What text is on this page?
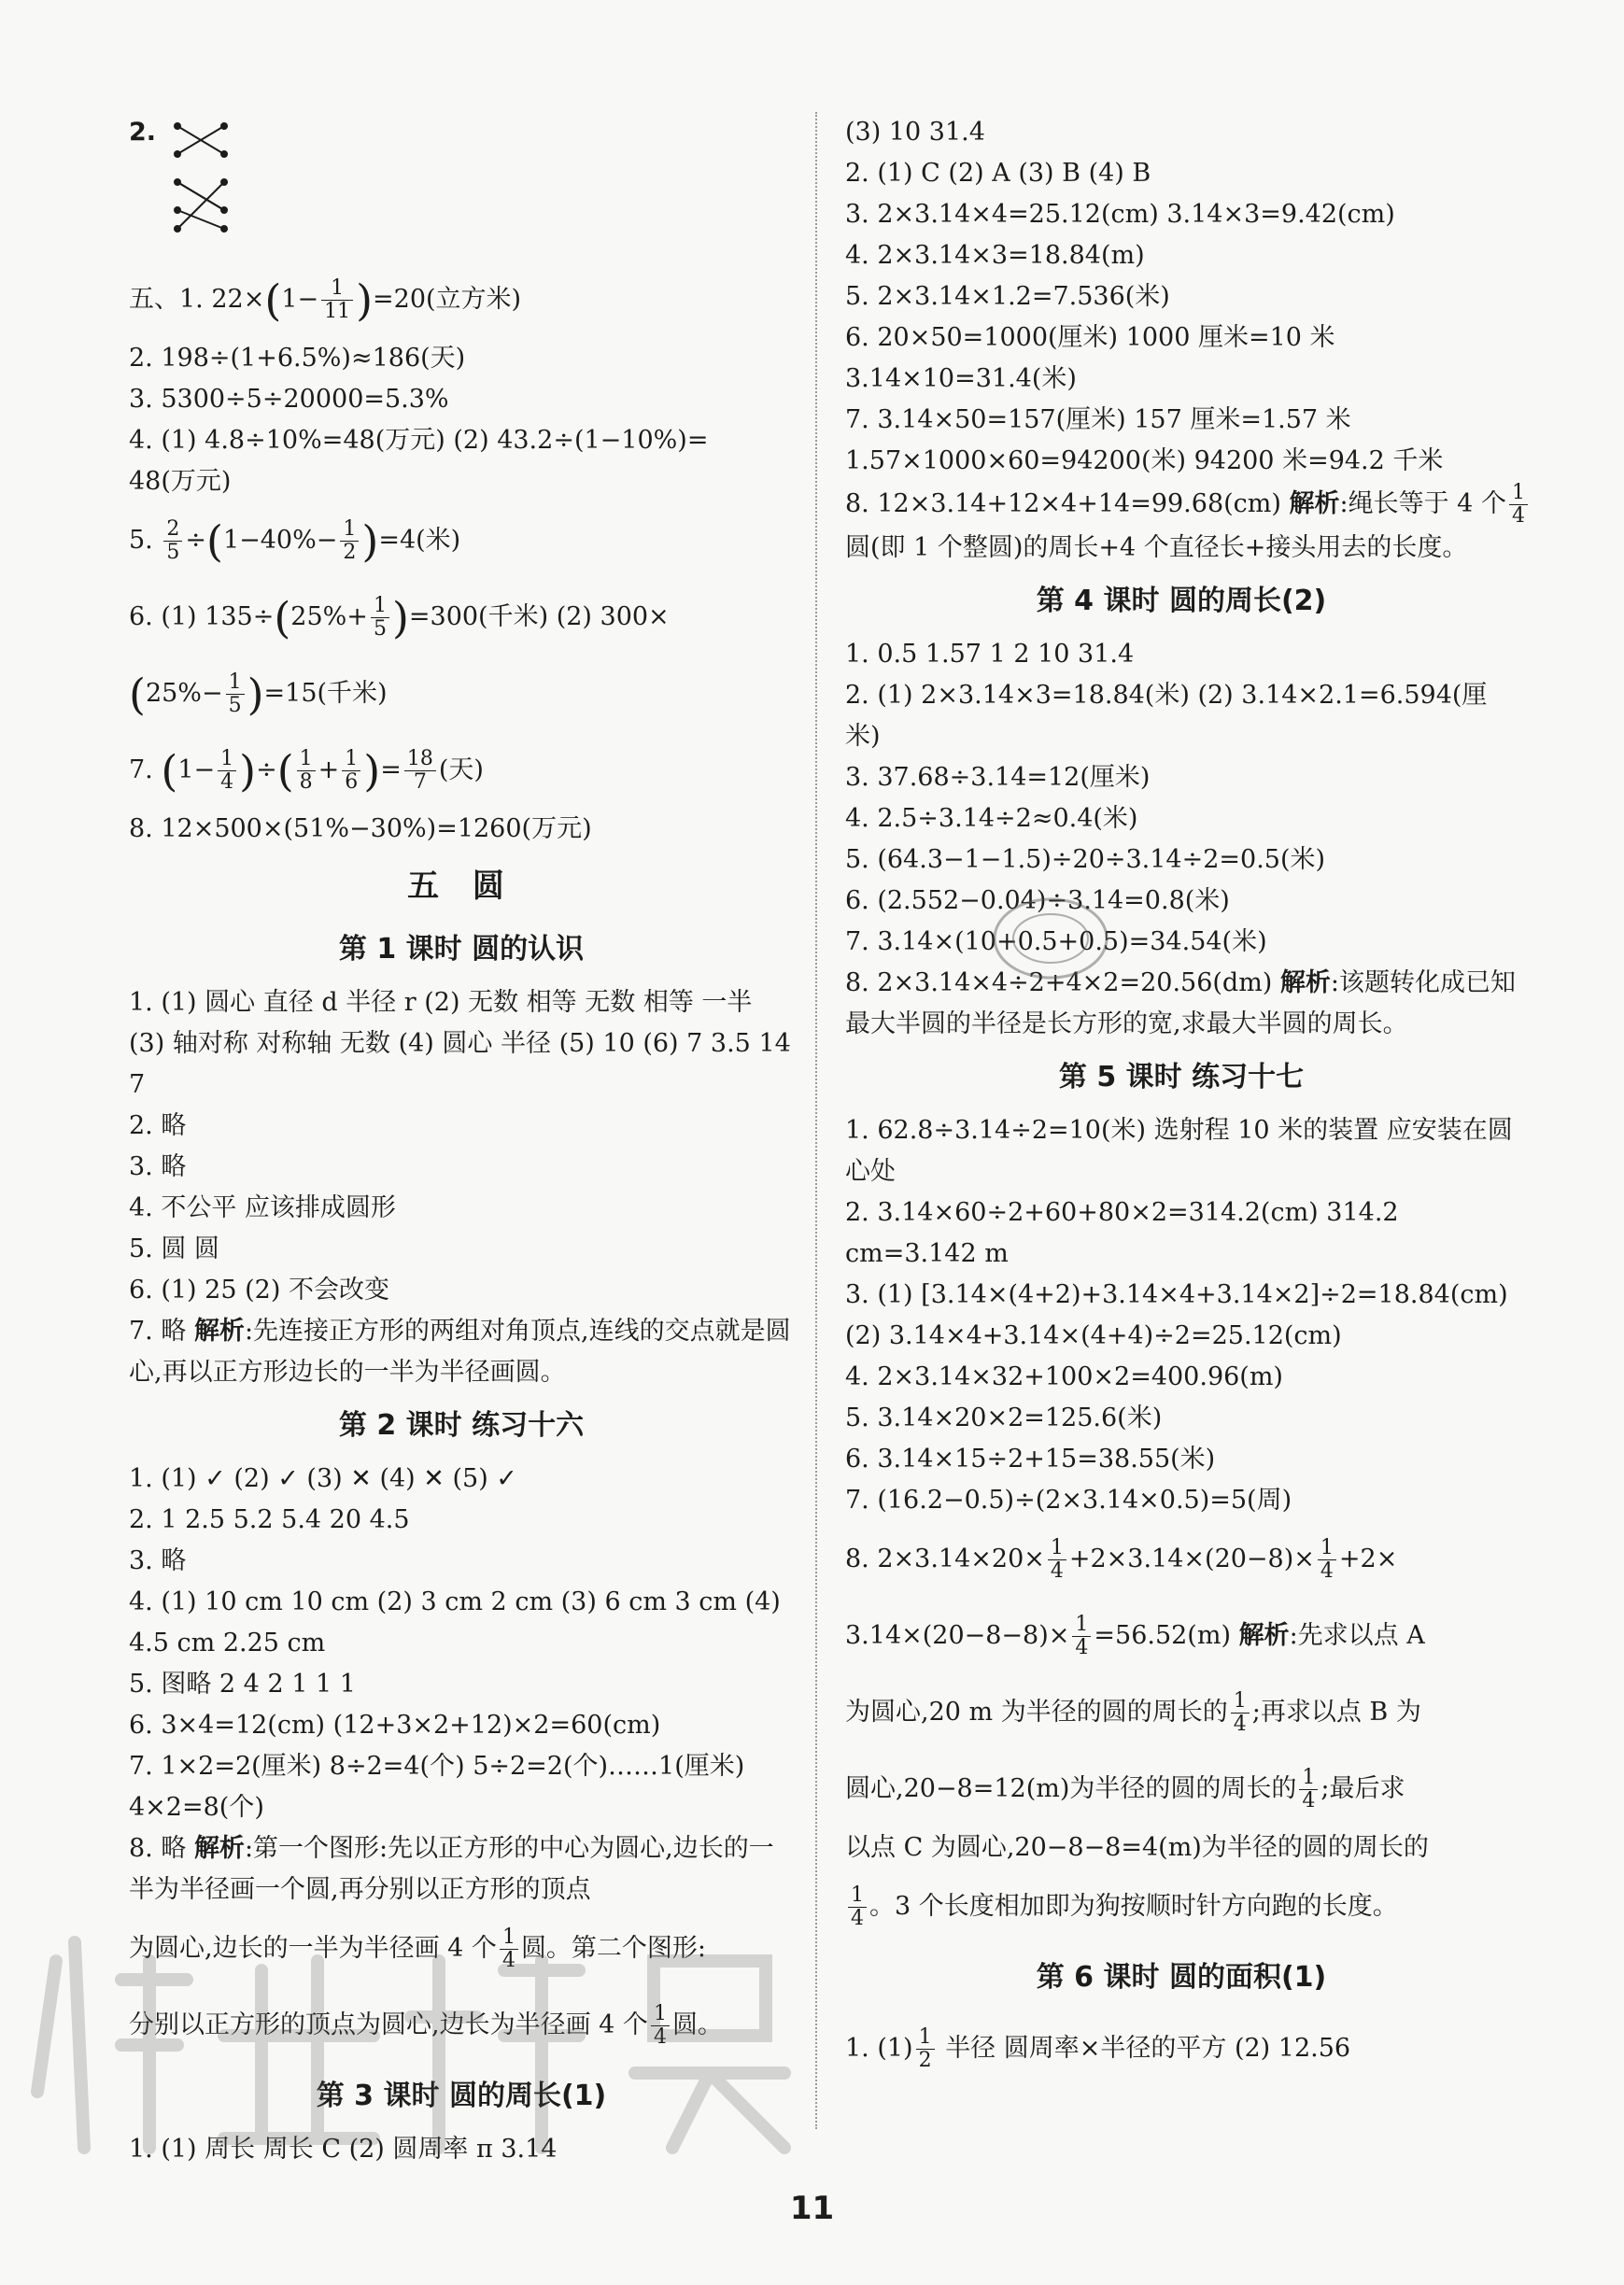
2.
五、1. $22\times(1- \frac{1}{11} )=20$(立方米)
2. 198÷(1+6.5%)≈186(天)
3. 5300÷5÷20000=5.3%
4. (1) 4.8÷10%=48(万元) (2) 43.2÷(1−10%)=
48(万元)
5. $\frac{2}{5} \div(1-40\%- \frac{1}{2} )=4$(米)
6. (1) $135\div(25\%+ \frac{1}{5} )=300$(千米) (2) 300×
$(25\%- \frac{1}{5} )=15$(千米)
7. ($1- \frac{1}{4}$ )÷( $\frac{1}{8} + \frac{1}{6}$ )= $\frac{18}{7}$ (天)
8. 12×500×(51%−30%)=1260(万元)
五 圆
第 1 课时 圆的认识
1. (1) 圆心 直径 d 半径 r (2) 无数 相等 无数 相等 一半 (3) 轴对称 对称轴 无数 (4) 圆心 半径 (5) 10 (6) 7 3.5 14 7
2. 略
3. 略
4. 不公平 应该排成圆形
5. 圆 圆
6. (1) 25 (2) 不会改变
7. 略 解析:先连接正方形的两组对角顶点,连线的交点就是圆心,再以正方形边长的一半为半径画圆。
第 2 课时 练习十六
1. (1) ✓ (2) ✓ (3) ✕ (4) ✕ (5) ✓
2. 1 2.5 5.2 5.4 20 4.5
3. 略
4. (1) 10 cm 10 cm (2) 3 cm 2 cm (3) 6 cm 3 cm (4) 4.5 cm 2.25 cm
5. 图略 2 4 2 1 1 1
6. 3×4=12(cm) (12+3×2+12)×2=60(cm)
7. 1×2=2(厘米) 8÷2=4(个) 5÷2=2(个)……1(厘米) 4×2=8(个)
8. 略 解析:第一个图形:先以正方形的中心为圆心,边长的一半为半径画一个圆,再分别以正方形的顶点
为圆心,边长的一半为半径画 4 个 $\frac{1}{4}$ 圆。第二个图形:
分别以正方形的顶点为圆心,边长为半径画 4 个 $\frac{1}{4}$ 圆。
第 3 课时 圆的周长(1)
1. (1) 周长 周长 C (2) 圆周率 π 3.14
(3) 10 31.4
2. (1) C (2) A (3) B (4) B
3. 2×3.14×4=25.12(cm) 3.14×3=9.42(cm)
4. 2×3.14×3=18.84(m)
5. 2×3.14×1.2=7.536(米)
6. 20×50=1000(厘米) 1000 厘米=10 米 3.14×10=31.4(米)
7. 3.14×50=157(厘米) 157 厘米=1.57 米 1.57×1000×60=94200(米) 94200 米=94.2 千米
8. 12×3.14+12×4+14=99.68(cm) 解析:绳长等于 4 个 $\frac{1}{4}$
圆(即 1 个整圆)的周长+4 个直径长+接头用去的长度。
第 4 课时 圆的周长(2)
1. 0.5 1.57 1 2 10 31.4
2. (1) 2×3.14×3=18.84(米) (2) 3.14×2.1=6.594(厘米)
3. 37.68÷3.14=12(厘米)
4. 2.5÷3.14÷2≈0.4(米)
5. (64.3−1−1.5)÷20÷3.14÷2=0.5(米)
6. (2.552−0.04)÷3.14=0.8(米)
7. 3.14×(10+0.5+0.5)=34.54(米)
8. 2×3.14×4÷2+4×2=20.56(dm) 解析:该题转化成已知最大半圆的半径是长方形的宽,求最大半圆的周长。
第 5 课时 练习十七
1. 62.8÷3.14÷2=10(米) 选射程 10 米的装置 应安装在圆心处
2. 3.14×60÷2+60+80×2=314.2(cm) 314.2 cm=3.142 m
3. (1) [3.14×(4+2)+3.14×4+3.14×2]÷2=18.84(cm) (2) 3.14×4+3.14×(4+4)÷2=25.12(cm)
4. 2×3.14×32+100×2=400.96(m)
5. 3.14×20×2=125.6(米)
6. 3.14×15÷2+15=38.55(米)
7. (16.2−0.5)÷(2×3.14×0.5)=5(周)
8. $2\times 3.14\times 20\times \frac{1}{4} +2\times 3.14\times(20-8)\times \frac{1}{4} +2\times$
$3.14\times(20-8-8)\times \frac{1}{4} =56.52(m)$ 解析:先求以点 A
为圆心,20 m 为半径的圆的周长的 $\frac{1}{4}$ ;再求以点 B 为
圆心,20−8=12(m)为半径的圆的周长的 $\frac{1}{4}$ ;最后求
以点 C 为圆心,20−8−8=4(m)为半径的圆的周长的
$\frac{1}{4}$ 。3 个长度相加即为狗按顺时针方向跑的长度。
第 6 课时 圆的面积(1)
1. $(1) \frac{1}{2}$ 半径 圆周率×半径的平方 (2) 12.56
11
